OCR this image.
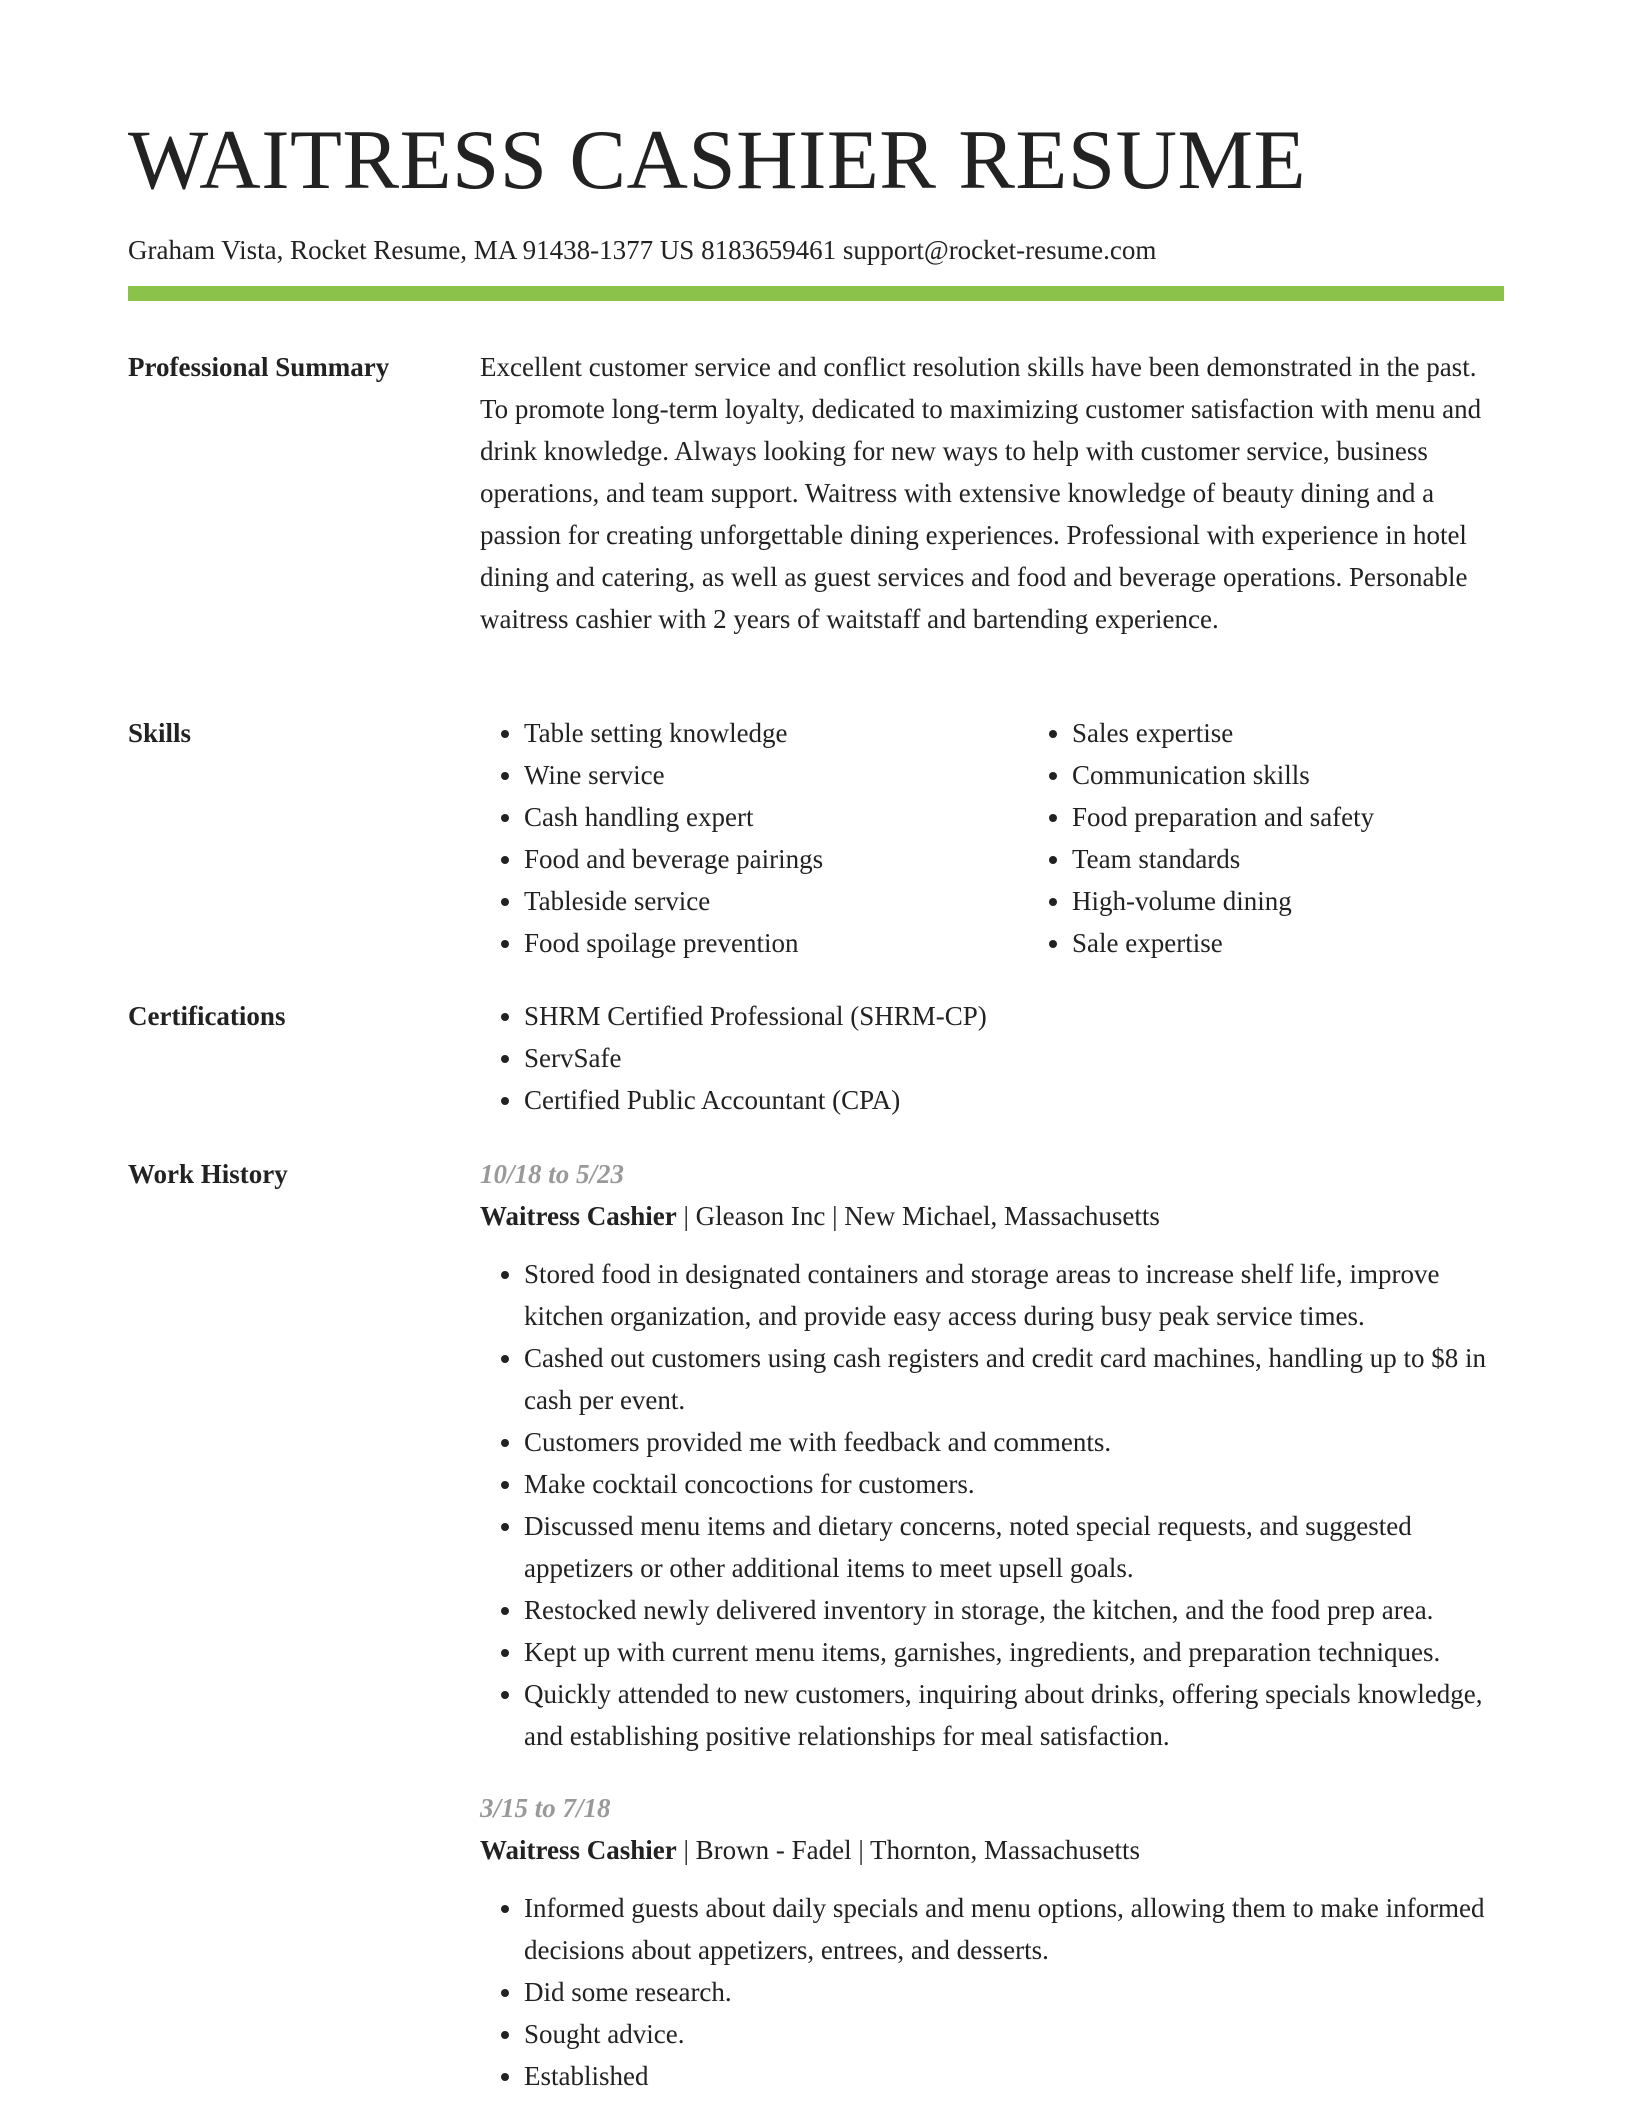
WAITRESS CASHIER RESUME
Graham Vista, Rocket Resume, MA 91438-1377 US 8183659461 support@rocket-resume.com
Professional Summary	Excellent customer service and conflict resolution skills have been demonstrated in the past. To promote long-term loyalty, dedicated to maximizing customer satisfaction with menu and drink knowledge. Always looking for new ways to help with customer service, business operations, and team support. Waitress with extensive knowledge of beauty dining and a passion for creating unforgettable dining experiences. Professional with experience in hotel dining and catering, as well as guest services and food and beverage operations. Personable waitress cashier with 2 years of waitstaff and bartending experience.

Skills	• Table setting knowledge
• Wine service
• Cash handling expert
• Food and beverage pairings
• Tableside service
• Food spoilage prevention
• Sales expertise
• Communication skills
• Food preparation and safety
• Team standards
• High-volume dining
• Sale expertise
Certifications	• SHRM Certified Professional (SHRM-CP)
• ServSafe
• Certified Public Accountant (CPA)
Work History	10/18 to 5/23
Waitress Cashier | Gleason Inc | New Michael, Massachusetts
• Stored food in designated containers and storage areas to increase shelf life, improve kitchen organization, and provide easy access during busy peak service times.
• Cashed out customers using cash registers and credit card machines, handling up to $8 in cash per event.
• Customers provided me with feedback and comments.
• Make cocktail concoctions for customers.
• Discussed menu items and dietary concerns, noted special requests, and suggested appetizers or other additional items to meet upsell goals.
• Restocked newly delivered inventory in storage, the kitchen, and the food prep area.
• Kept up with current menu items, garnishes, ingredients, and preparation techniques.
• Quickly attended to new customers, inquiring about drinks, offering specials knowledge, and establishing positive relationships for meal satisfaction.
3/15 to 7/18
Waitress Cashier | Brown - Fadel | Thornton, Massachusetts
• Informed guests about daily specials and menu options, allowing them to make informed decisions about appetizers, entrees, and desserts.
• Did some research.
• Sought advice.
• Established
